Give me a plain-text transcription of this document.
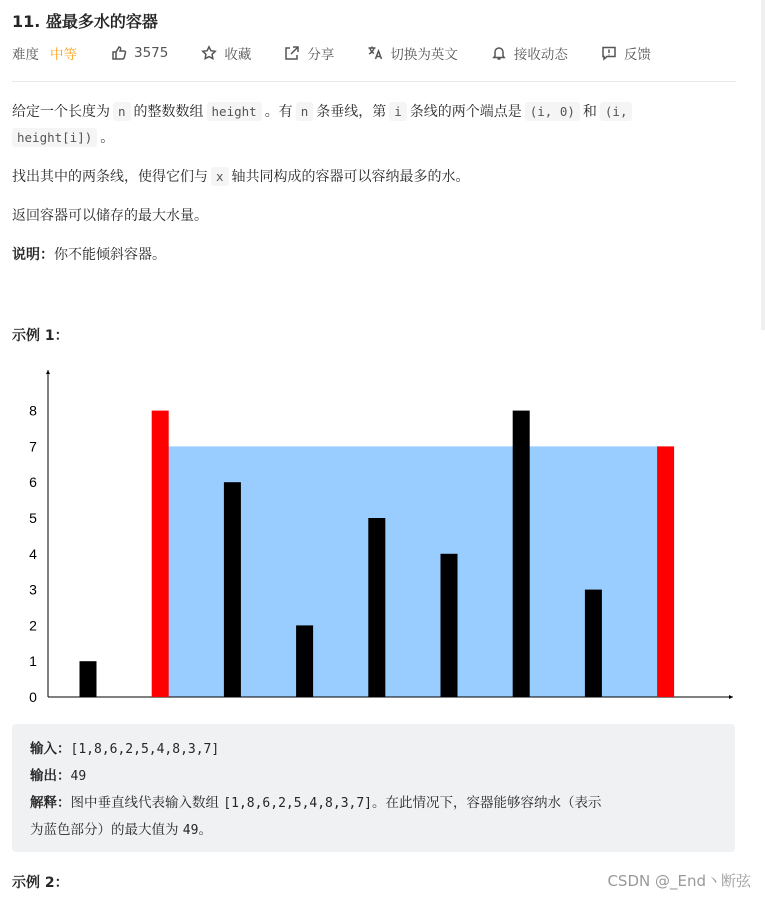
11. 盛最多水的容器
难度 中等	3575	收藏	分享	切换为英文	接收动态	反馈
给定一个长度为 n 的整数数组 height 。有 n 条垂线，第 i 条线的两个端点是 (i, 0) 和 (i,
height[i]) 。
找出其中的两条线，使得它们与 x 轴共同构成的容器可以容纳最多的水。
返回容器可以储存的最大水量。
说明：你不能倾斜容器。
示例 1：
0
1
2
3
4
5
6
7
8
输入：[1,8,6,2,5,4,8,3,7]
输出：49
解释：图中垂直线代表输入数组 [1,8,6,2,5,4,8,3,7]。在此情况下，容器能够容纳水（表示
为蓝色部分）的最大值为 49。
示例 2：	CSDN @_End丶断弦
